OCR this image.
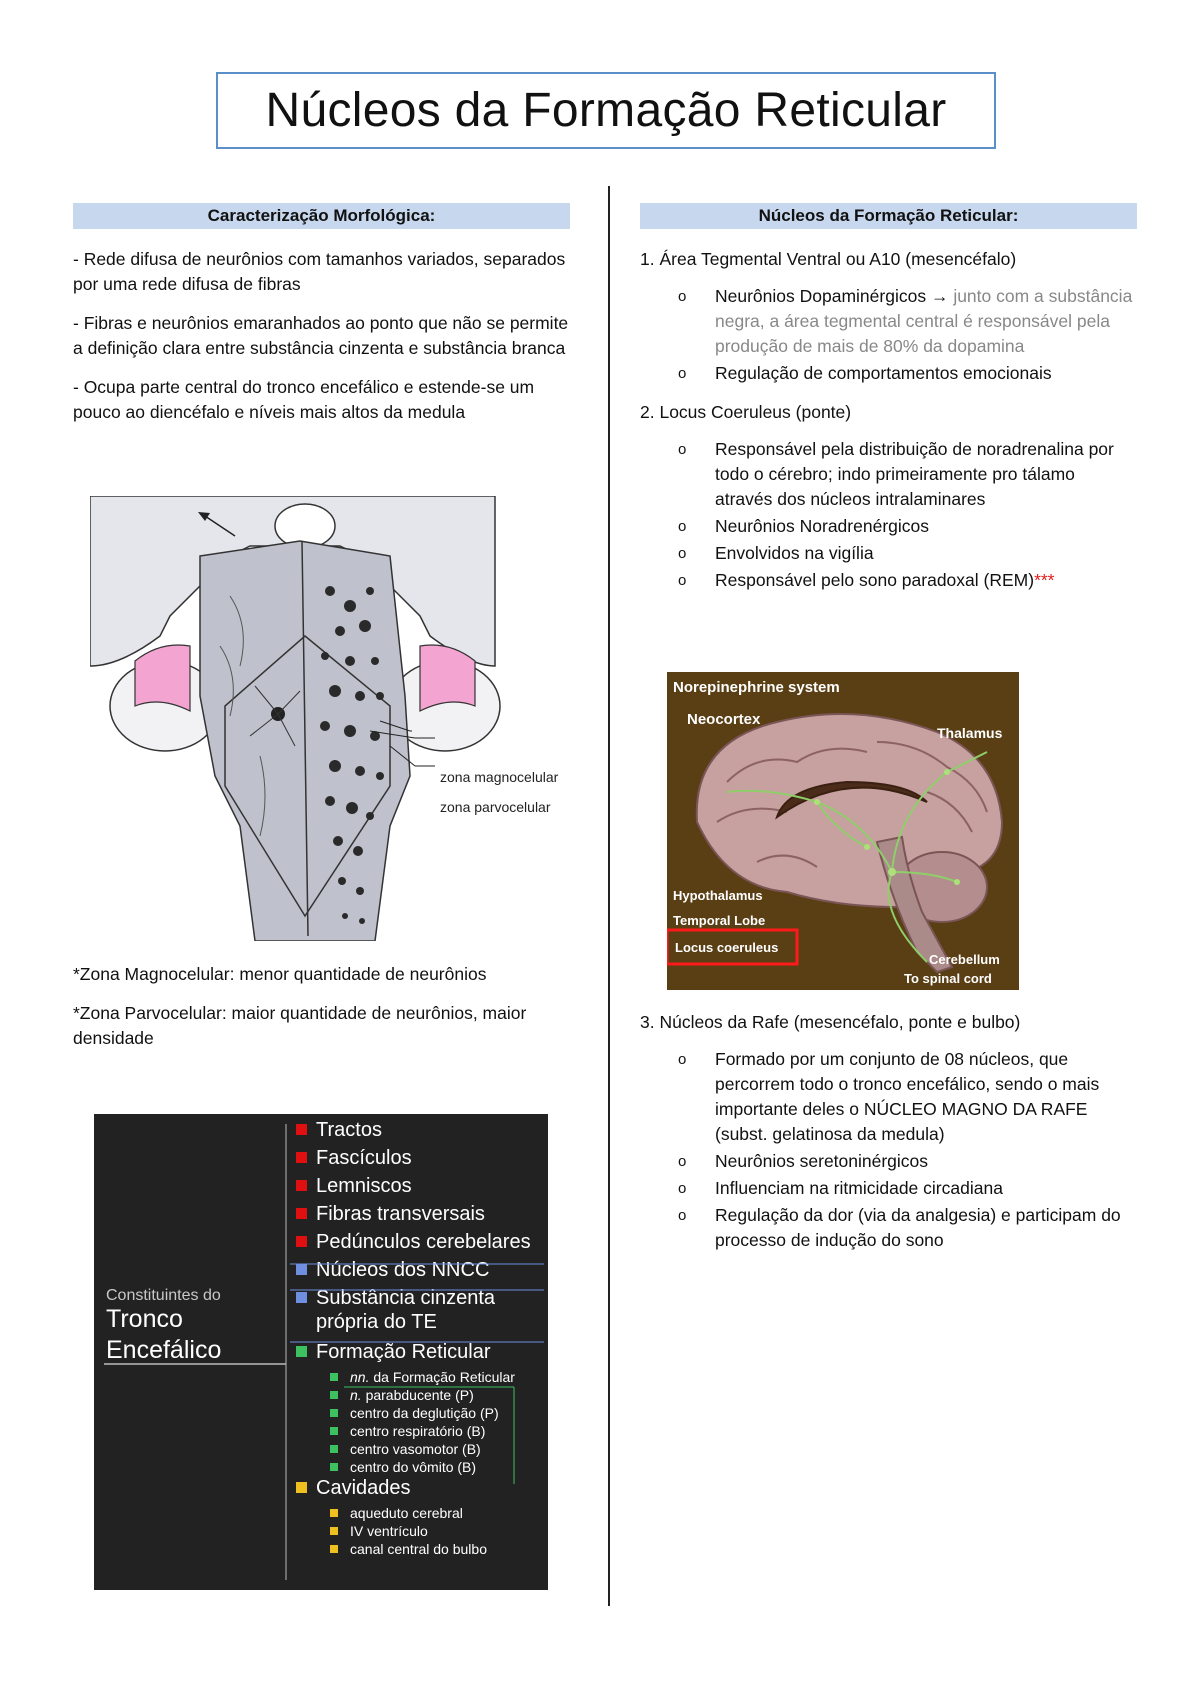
Núcleos da Formação Reticular
Caracterização Morfológica:

- Rede difusa de neurônios com tamanhos variados, separados por uma rede difusa de fibras

- Fibras e neurônios emaranhados ao ponto que não se permite a definição clara entre substância cinzenta e substância branca

- Ocupa parte central do tronco encefálico e estende-se um pouco ao diencéfalo e níveis mais altos da medula

zona magnocelular
zona parvocelular

*Zona Magnocelular: menor quantidade de neurônios

*Zona Parvocelular: maior quantidade de neurônios, maior densidade

Constituintes do
Tronco
Encefálico
Tractos
Fascículos
Lemniscos
Fibras transversais
Pedúnculos cerebelares
Núcleos dos NNCC
Substância cinzenta
própria do TE
Formação Reticular
Cavidades
nn. da Formação Reticular
n. parabducente (P)
centro da deglutição (P)
centro respiratório (B)
centro vasomotor (B)
centro do vômito (B)
aqueduto cerebral
IV ventrículo
canal central do bulbo
Núcleos da Formação Reticular:

1. Área Tegmental Ventral ou A10 (mesencéfalo)

o Neurônios Dopaminérgicos → junto com a substância negra, a área tegmental central é responsável pela produção de mais de 80% da dopamina
o Regulação de comportamentos emocionais

2. Locus Coeruleus (ponte)

o Responsável pela distribuição de noradrenalina por todo o cérebro; indo primeiramente pro tálamo através dos núcleos intralaminares
o Neurônios Noradrenérgicos
o Envolvidos na vigília
o Responsável pelo sono paradoxal (REM)***
Norepinephrine system
Neocortex
Thalamus
Hypothalamus
Temporal Lobe
Locus coeruleus
Cerebellum
To spinal cord

3. Núcleos da Rafe (mesencéfalo, ponte e bulbo)

o Formado por um conjunto de 08 núcleos, que percorrem todo o tronco encefálico, sendo o mais importante deles o NÚCLEO MAGNO DA RAFE (subst. gelatinosa da medula)
o Neurônios seretoninérgicos
o Influenciam na ritmicidade circadiana
o Regulação da dor (via da analgesia) e participam do processo de indução do sono
